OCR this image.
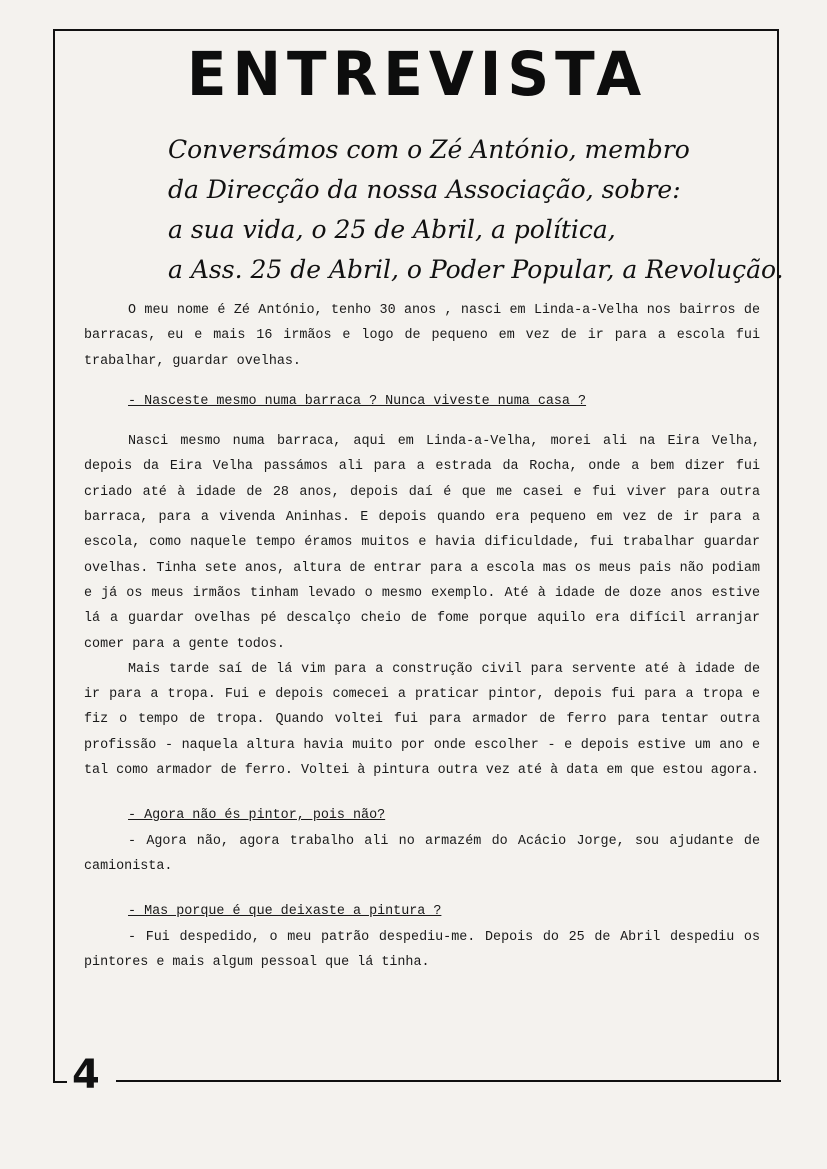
4
ENTREVISTA
Conversámos com o Zé António, membro
da Direcção da nossa Associação, sobre:
a sua vida, o 25 de Abril, a política,
a Ass. 25 de Abril, o Poder Popular, a Revolução.

O meu nome é Zé António, tenho 30 anos , nasci em Linda-a-Velha nos bairros de barracas, eu e mais 16 irmãos e logo de pequeno em vez de ir para a escola fui trabalhar, guardar ovelhas.

- Nasceste mesmo numa barraca ? Nunca viveste numa casa ?

Nasci mesmo numa barraca, aqui em Linda-a-Velha, morei ali na Eira Velha, depois da Eira Velha passámos ali para a estrada da Rocha, onde a bem dizer fui criado até à idade de 28 anos, depois daí é que me casei e fui viver para outra barraca, para a vivenda Aninhas. E depois quando era pequeno em vez de ir para a escola, como naquele tempo éramos muitos e havia dificuldade, fui trabalhar guardar ovelhas. Tinha sete anos, altura de entrar para a escola mas os meus pais não podiam e já os meus irmãos tinham levado o mesmo exemplo. Até à idade de doze anos estive lá a guardar ovelhas pé descalço cheio de fome porque aquilo era difícil arranjar comer para a gente todos.

Mais tarde saí de lá vim para a construção civil para servente até à idade de ir para a tropa. Fui e depois comecei a praticar pintor, depois fui para a tropa e fiz o tempo de tropa. Quando voltei fui para armador de ferro para tentar outra profissão - naquela altura havia muito por onde escolher - e depois estive um ano e tal como armador de ferro. Voltei à pintura outra vez até à data em que estou agora.

- Agora não és pintor, pois não?

- Agora não, agora trabalho ali no armazém do Acácio Jorge, sou ajudante de camionista.

- Mas porque é que deixaste a pintura ?

- Fui despedido, o meu patrão despediu-me. Depois do 25 de Abril despediu os pintores e mais algum pessoal que lá tinha.
